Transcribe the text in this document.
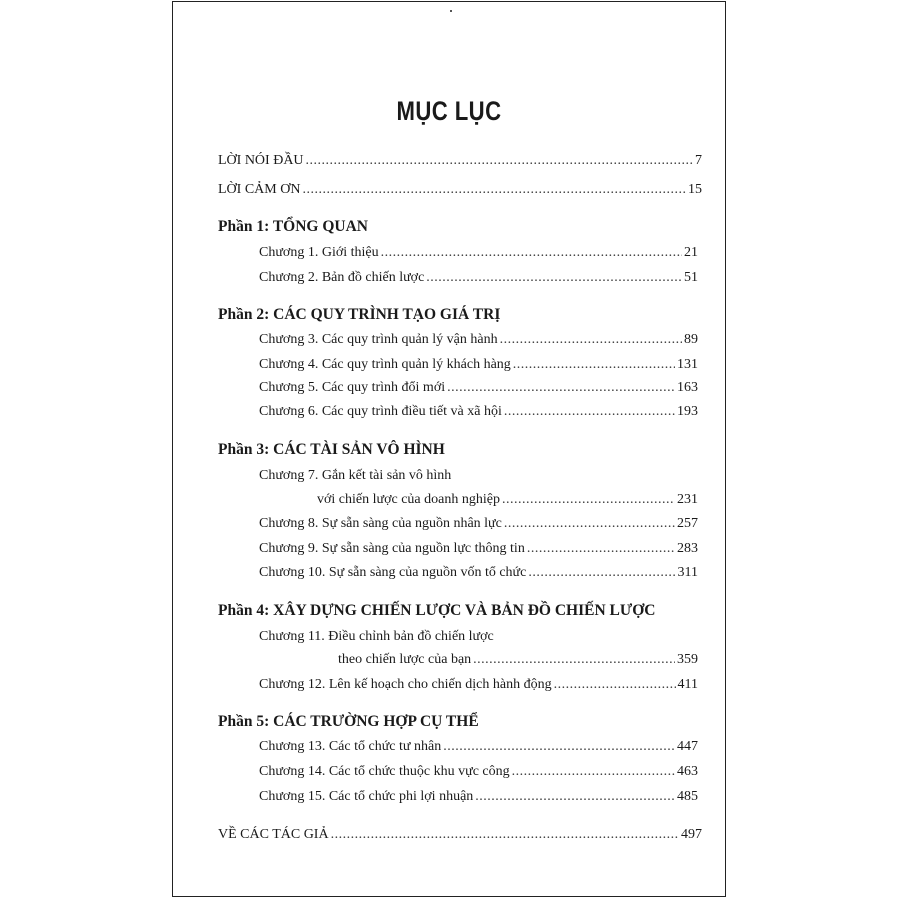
MỤC LỤC
LỜI NÓI ĐẦU .....	7
LỜI CẢM ƠN .....	15
Phần 1: TỔNG QUAN
Chương 1. Giới thiệu .....	21
Chương 2. Bản đồ chiến lược .....	51
Phần 2: CÁC QUY TRÌNH TẠO GIÁ TRỊ
Chương 3. Các quy trình quản lý vận hành .....	89
Chương 4. Các quy trình quản lý khách hàng .....	131
Chương 5. Các quy trình đổi mới .....	163
Chương 6. Các quy trình điều tiết và xã hội .....	193
Phần 3: CÁC TÀI SẢN VÔ HÌNH
Chương 7. Gắn kết tài sản vô hình
với chiến lược của doanh nghiệp .....	231
Chương 8. Sự sẵn sàng của nguồn nhân lực .....	257
Chương 9. Sự sẵn sàng của nguồn lực thông tin .....	283
Chương 10. Sự sẵn sàng của nguồn vốn tổ chức .....	311
Phần 4: XÂY DỰNG CHIẾN LƯỢC VÀ BẢN ĐỒ CHIẾN LƯỢC
Chương 11. Điều chỉnh bản đồ chiến lược
theo chiến lược của bạn .....	359
Chương 12. Lên kế hoạch cho chiến dịch hành động .....	411
Phần 5: CÁC TRƯỜNG HỢP CỤ THỂ
Chương 13. Các tổ chức tư nhân .....	447
Chương 14. Các tổ chức thuộc khu vực công .....	463
Chương 15. Các tổ chức phi lợi nhuận .....	485
VỀ CÁC TÁC GIẢ .....	497
